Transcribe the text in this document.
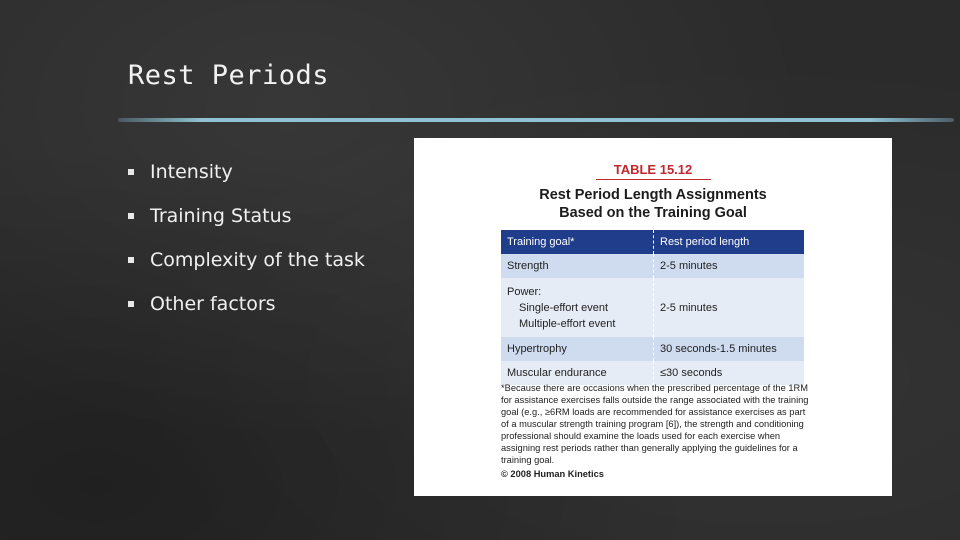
Rest Periods
Intensity
Training Status
Complexity of the task
Other factors
TABLE 15.12
Rest Period Length Assignments
Based on the Training Goal
Training goal*	Rest period length
Strength	2-5 minutes

Power:
Single-effort event
Multiple-effort event	2-5 minutes
Hypertrophy	30 seconds-1.5 minutes
Muscular endurance	≤30 seconds
*Because there are occasions when the prescribed percentage of the 1RM for assistance exercises falls outside the range associated with the training goal (e.g., ≥6RM loads are recommended for assistance exercises as part of a muscular strength training program [6]), the strength and conditioning professional should examine the loads used for each exercise when assigning rest periods rather than generally applying the guidelines for a training goal.
© 2008 Human Kinetics
